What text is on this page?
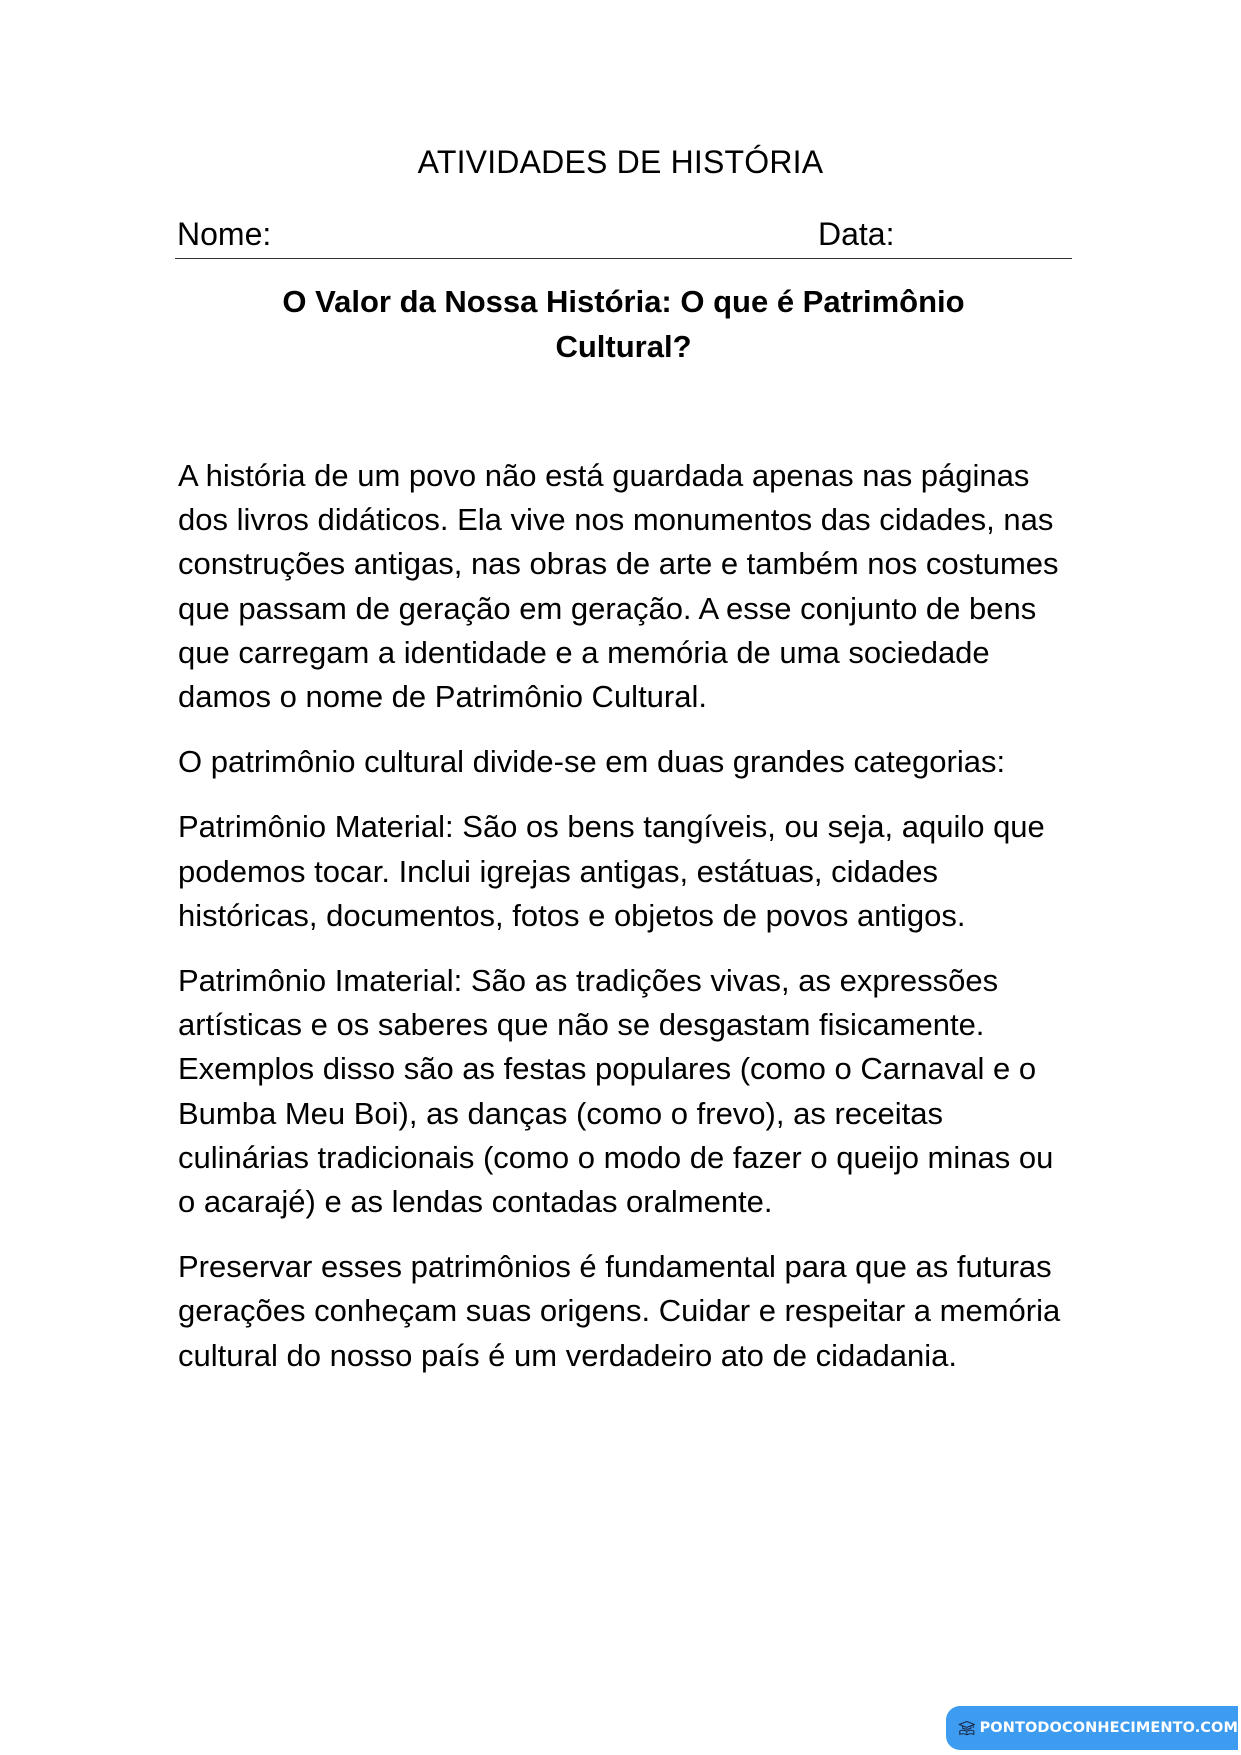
ATIVIDADES DE HISTÓRIA
Nome:	Data:
O Valor da Nossa História: O que é Patrimônio
Cultural?

A história de um povo não está guardada apenas nas páginas dos livros didáticos. Ela vive nos monumentos das cidades, nas construções antigas, nas obras de arte e também nos costumes que passam de geração em geração. A esse conjunto de bens que carregam a identidade e a memória de uma sociedade damos o nome de Patrimônio Cultural.

O patrimônio cultural divide-se em duas grandes categorias:

Patrimônio Material: São os bens tangíveis, ou seja, aquilo que podemos tocar. Inclui igrejas antigas, estátuas, cidades históricas, documentos, fotos e objetos de povos antigos.

Patrimônio Imaterial: São as tradições vivas, as expressões artísticas e os saberes que não se desgastam fisicamente. Exemplos disso são as festas populares (como o Carnaval e o Bumba Meu Boi), as danças (como o frevo), as receitas culinárias tradicionais (como o modo de fazer o queijo minas ou o acarajé) e as lendas contadas oralmente.

Preservar esses patrimônios é fundamental para que as futuras gerações conheçam suas origens. Cuidar e respeitar a memória cultural do nosso país é um verdadeiro ato de cidadania.

PONTODOCONHECIMENTO.COM
